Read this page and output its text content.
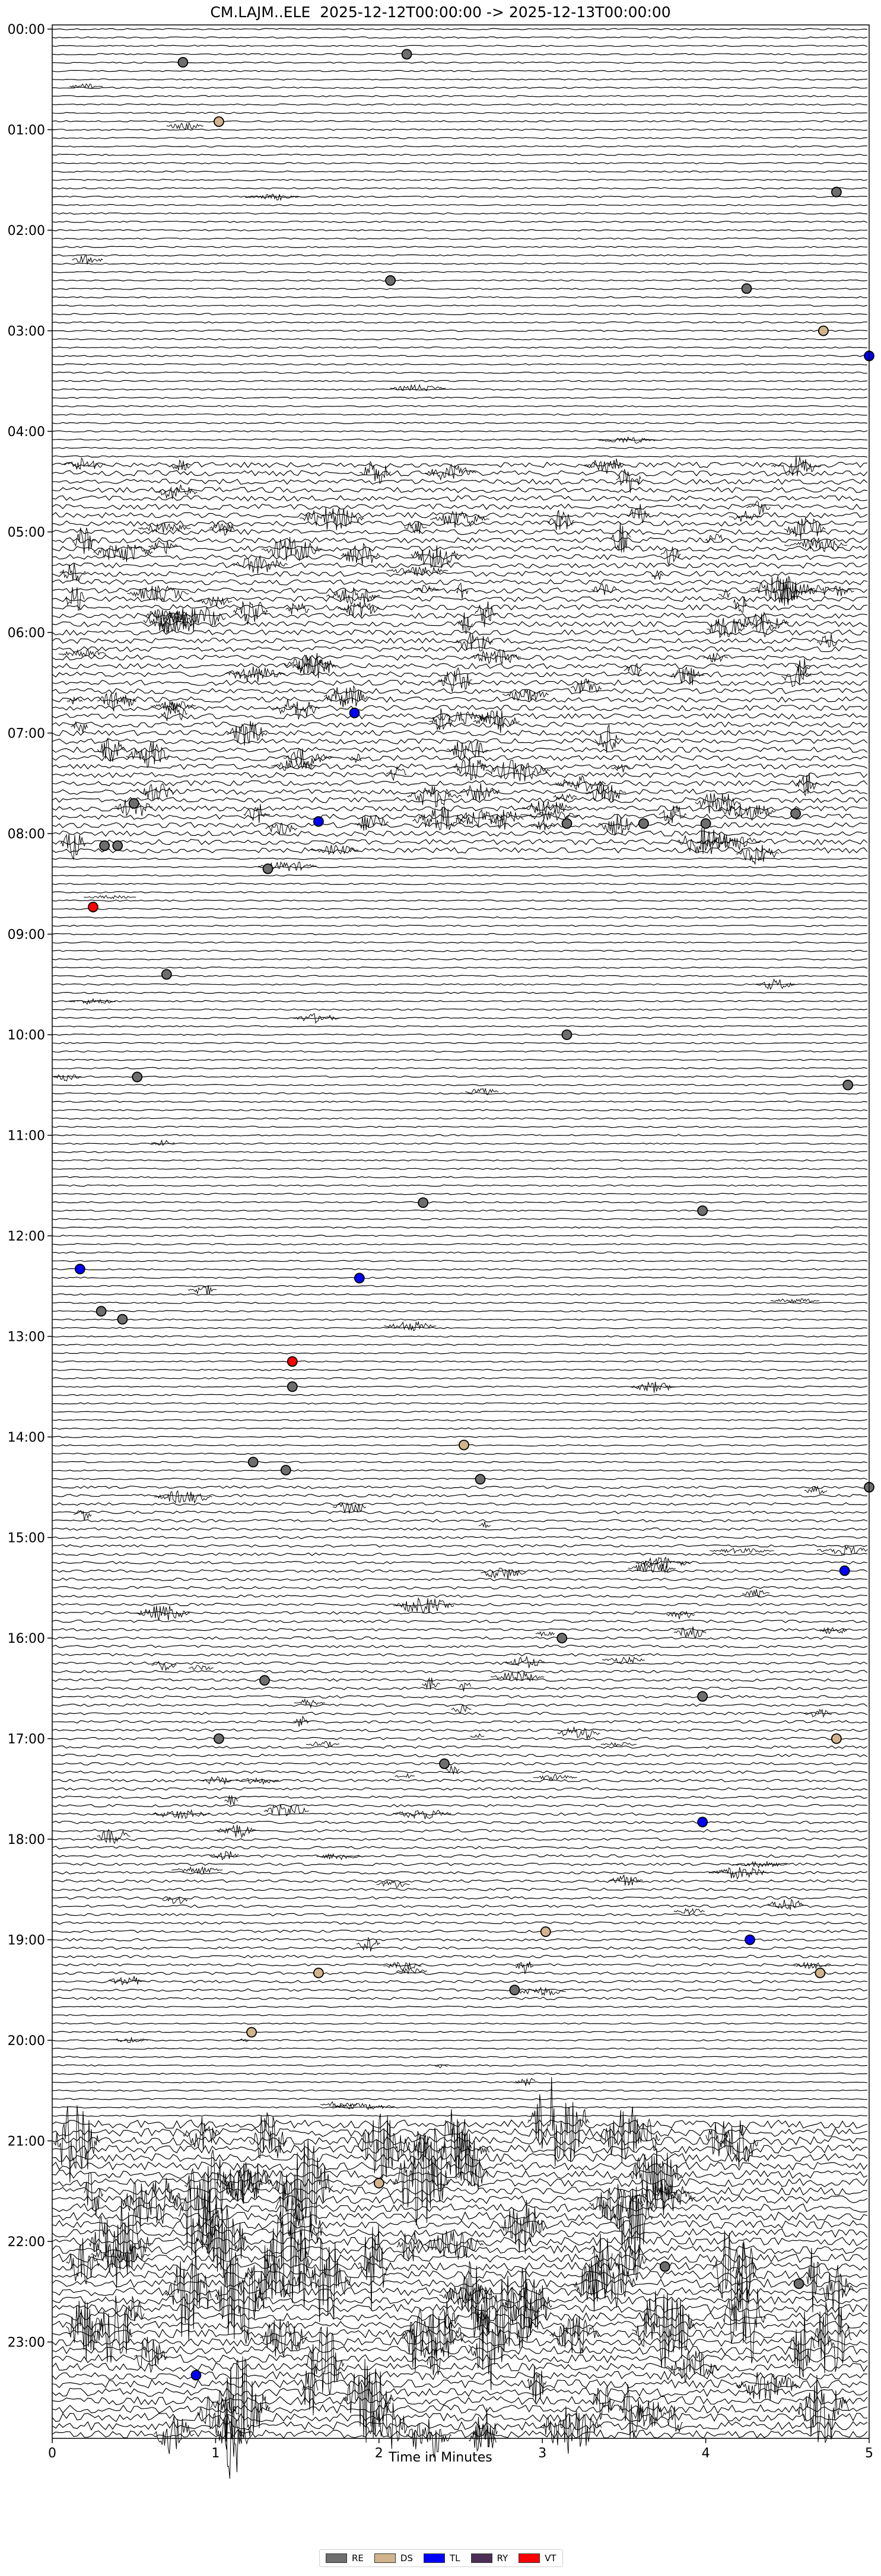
CM.LAJM..ELE  2025-12-12T00:00:00 -> 2025-12-13T00:00:00
00:00
01:00
02:00
03:00
04:00
05:00
06:00
07:00
08:00
09:00
10:00
11:00
12:00
13:00
14:00
15:00
16:00
17:00
18:00
19:00
20:00
21:00
22:00
23:00
0	1	2	3	4	5
Time in Minutes
RE	DS	TL	RY	VT
